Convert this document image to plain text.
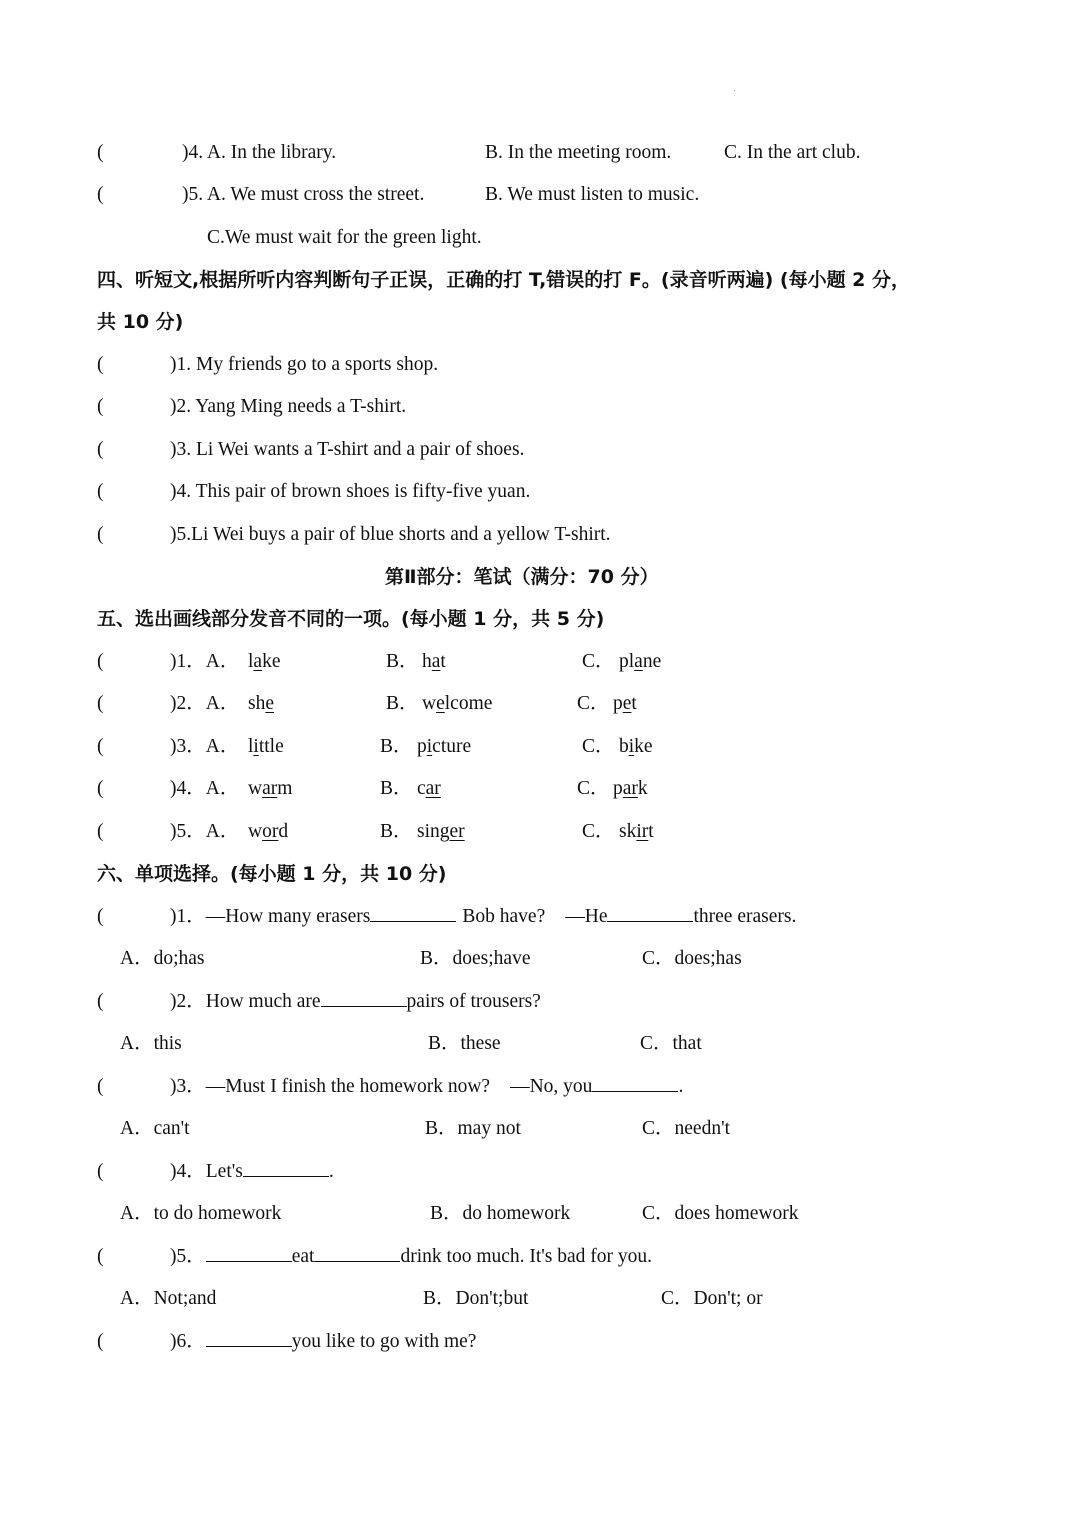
(	)4. A. In the library.	B. In the meeting room.	C. In the art club.
(	)5. A. We must cross the street.	B. We must listen to music.
C.We must wait for the green light.
四、听短文,根据所听内容判断句子正误，正确的打 T,错误的打 F。(录音听两遍) (每小题 2 分，
共 10 分)
(	)1. My friends go to a sports shop.
(	)2. Yang Ming needs a T-shirt.
(	)3. Li Wei wants a T-shirt and a pair of shoes.
(	)4. This pair of brown shoes is fifty-five yuan.
(	)5.Li Wei buys a pair of blue shorts and a yellow T-shirt.
第Ⅱ部分：笔试（满分：70 分）
五、选出画线部分发音不同的一项。(每小题 1 分，共 5 分)
(	)1．A． lake	B． hat	C． plane
(	)2．A． she	B． welcome	C． pet
(	)3．A． little	B． picture	C． bike
(	)4．A． warm	B． car	C． park
(	)5．A． word	B． singer	C． skirt
六、单项选择。(每小题 1 分，共 10 分)
(	)1．—How many erasers	Bob have? —He	three erasers.
A．do;has	B．does;have	C．does;has
(	)2．How much are	pairs of trousers?
A．this	B．these	C．that
(	)3．—Must I finish the homework now? —No, you	.
A．can't	B．may not	C．needn't
(	)4．Let's	.
A．to do homework	B．do homework	C．does homework
(	)5．	eat	drink too much. It's bad for you.
A．Not;and	B．Don't;but	C．Don't; or
(	)6．	you like to go with me?
